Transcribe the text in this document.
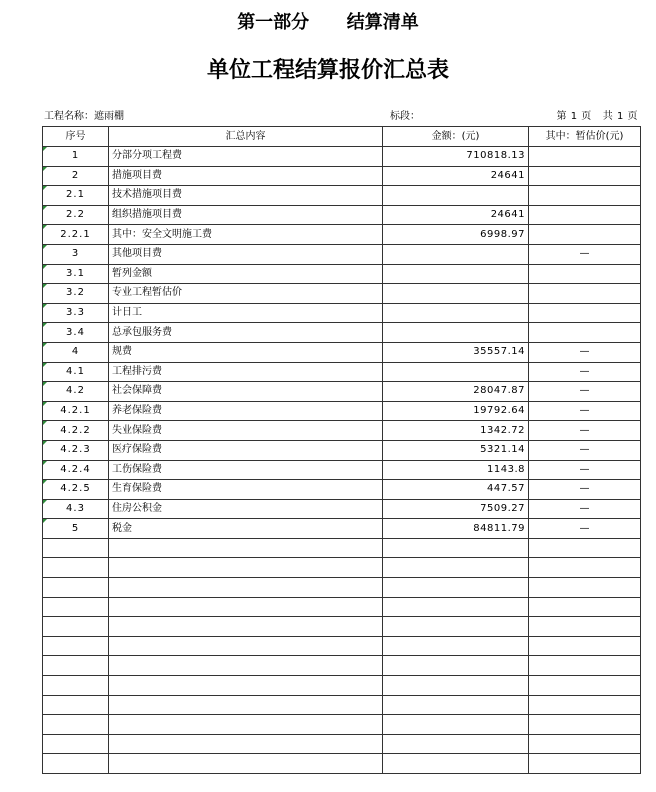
第一部分      结算清单
单位工程结算报价汇总表
工程名称：遮雨棚	标段：	第 1 页   共 1 页
序号	汇总内容	金额：(元)	其中：暂估价(元)
1	分部分项工程费	710818.13	
2	措施项目费	24641	
2.1	技术措施项目费		
2.2	组织措施项目费	24641	
2.2.1	其中：安全文明施工费	6998.97	
3	其他项目费		—
3.1	暂列金额		
3.2	专业工程暂估价		
3.3	计日工		
3.4	总承包服务费		
4	规费	35557.14	—
4.1	工程排污费		—
4.2	社会保障费	28047.87	—
4.2.1	养老保险费	19792.64	—
4.2.2	失业保险费	1342.72	—
4.2.3	医疗保险费	5321.14	—
4.2.4	工伤保险费	1143.8	—
4.2.5	生育保险费	447.57	—
4.3	住房公积金	7509.27	—
5	税金	84811.79	—
